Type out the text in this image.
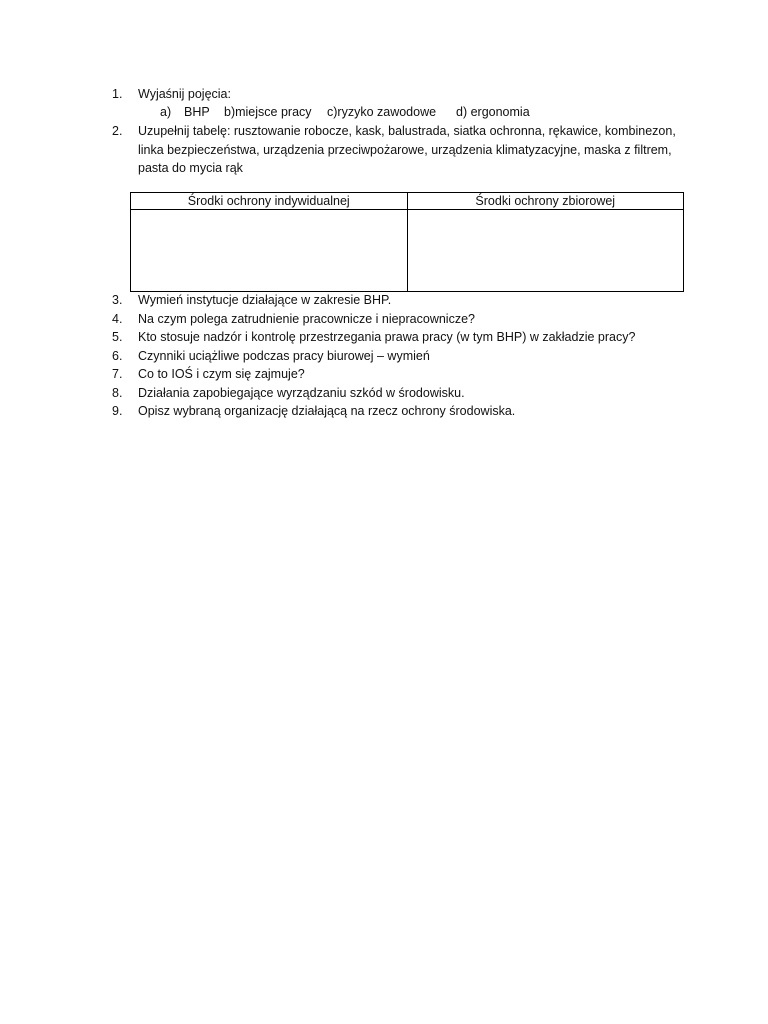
1.	Wyjaśnij pojęcia:
a) BHP b)miejsce pracy c)ryzyko zawodowe d) ergonomia
2.	Uzupełnij tabelę: rusztowanie robocze, kask, balustrada, siatka ochronna, rękawice, kombinezon, linka bezpieczeństwa, urządzenia przeciwpożarowe, urządzenia klimatyzacyjne, maska z filtrem, pasta do mycia rąk
Środki ochrony indywidualnej	Środki ochrony zbiorowej

3.	Wymień instytucje działające w zakresie BHP.
4.	Na czym polega zatrudnienie pracownicze i niepracownicze?
5.	Kto stosuje nadzór i kontrolę przestrzegania prawa pracy (w tym BHP) w zakładzie pracy?
6.	Czynniki uciążliwe podczas pracy biurowej – wymień
7.	Co to IOŚ i czym się zajmuje?
8.	Działania zapobiegające wyrządzaniu szkód w środowisku.
9.	Opisz wybraną organizację działającą na rzecz ochrony środowiska.
